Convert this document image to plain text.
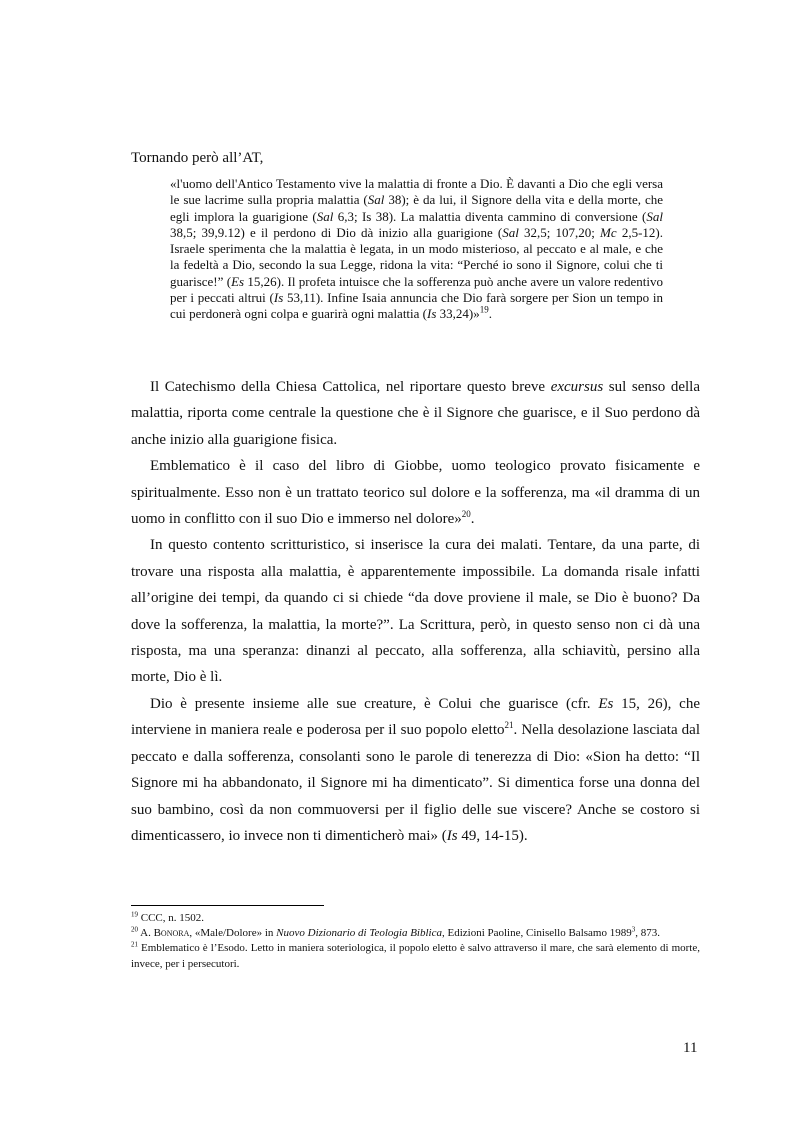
Tornando però all’AT,
«l'uomo dell'Antico Testamento vive la malattia di fronte a Dio. È davanti a Dio che egli versa le sue lacrime sulla propria malattia (Sal 38); è da lui, il Signore della vita e della morte, che egli implora la guarigione (Sal 6,3; Is 38). La malattia diventa cammino di conversione (Sal 38,5; 39,9.12) e il perdono di Dio dà inizio alla guarigione (Sal 32,5; 107,20; Mc 2,5-12). Israele sperimenta che la malattia è legata, in un modo misterioso, al peccato e al male, e che la fedeltà a Dio, secondo la sua Legge, ridona la vita: “Perché io sono il Signore, colui che ti guarisce!” (Es 15,26). Il profeta intuisce che la sofferenza può anche avere un valore redentivo per i peccati altrui (Is 53,11). Infine Isaia annuncia che Dio farà sorgere per Sion un tempo in cui perdonerà ogni colpa e guarirà ogni malattia (Is 33,24)»$^{19}$.

Il Catechismo della Chiesa Cattolica, nel riportare questo breve excursus sul senso della malattia, riporta come centrale la questione che è il Signore che guarisce, e il Suo perdono dà anche inizio alla guarigione fisica.

Emblematico è il caso del libro di Giobbe, uomo teologico provato fisicamente e spiritualmente. Esso non è un trattato teorico sul dolore e la sofferenza, ma «il dramma di un uomo in conflitto con il suo Dio e immerso nel dolore»$^{20}$.

In questo contento scritturistico, si inserisce la cura dei malati. Tentare, da una parte, di trovare una risposta alla malattia, è apparentemente impossibile. La domanda risale infatti all’origine dei tempi, da quando ci si chiede “da dove proviene il male, se Dio è buono? Da dove la sofferenza, la malattia, la morte?”. La Scrittura, però, in questo senso non ci dà una risposta, ma una speranza: dinanzi al peccato, alla sofferenza, alla schiavitù, persino alla morte, Dio è lì.

Dio è presente insieme alle sue creature, è Colui che guarisce (cfr. Es 15, 26), che interviene in maniera reale e poderosa per il suo popolo eletto$^{21}$. Nella desolazione lasciata dal peccato e dalla sofferenza, consolanti sono le parole di tenerezza di Dio: «Sion ha detto: “Il Signore mi ha abbandonato, il Signore mi ha dimenticato”. Si dimentica forse una donna del suo bambino, così da non commuoversi per il figlio delle sue viscere? Anche se costoro si dimenticassero, io invece non ti dimenticherò mai» (Is 49, 14-15).

$^{19}$ CCC, n. 1502.
$^{20}$ A. Bonora, «Male/Dolore» in Nuovo Dizionario di Teologia Biblica, Edizioni Paoline, Cinisello Balsamo 1989$^3$, 873.
$^{21}$ Emblematico è l’Esodo. Letto in maniera soteriologica, il popolo eletto è salvo attraverso il mare, che sarà elemento di morte, invece, per i persecutori.
11
